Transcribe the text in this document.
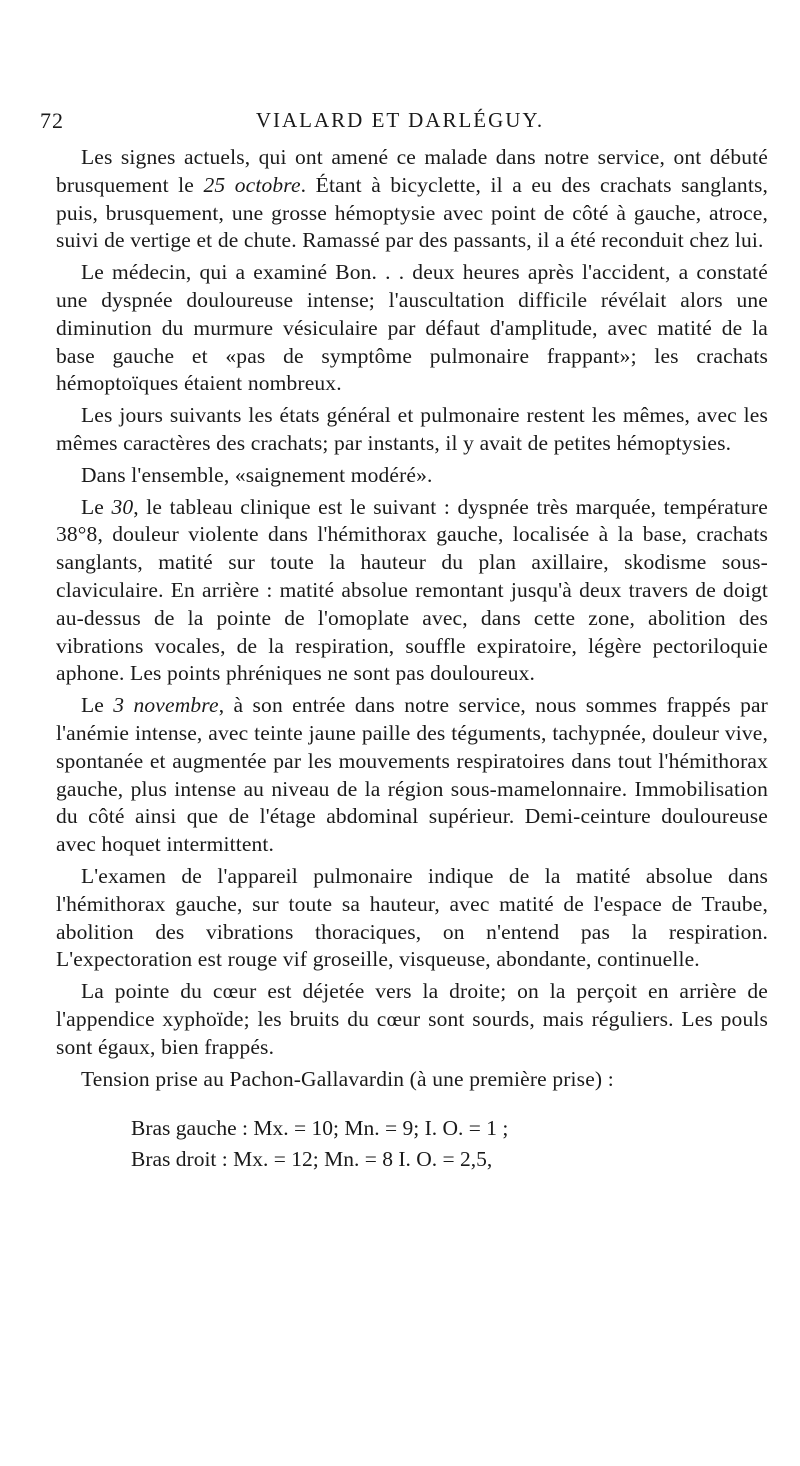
72	VIALARD ET DARLÉGUY.

Les signes actuels, qui ont amené ce malade dans notre service, ont débuté brusquement le 25 octobre. Étant à bicyclette, il a eu des crachats sanglants, puis, brusquement, une grosse hémoptysie avec point de côté à gauche, atroce, suivi de vertige et de chute. Ramassé par des passants, il a été reconduit chez lui.

Le médecin, qui a examiné Bon. . . deux heures après l'accident, a constaté une dyspnée douloureuse intense; l'auscultation difficile révélait alors une diminution du murmure vésiculaire par défaut d'amplitude, avec matité de la base gauche et «pas de symptôme pulmonaire frappant»; les crachats hémoptoïques étaient nombreux.

Les jours suivants les états général et pulmonaire restent les mêmes, avec les mêmes caractères des crachats; par instants, il y avait de petites hémoptysies.

Dans l'ensemble, «saignement modéré».

Le 30, le tableau clinique est le suivant : dyspnée très marquée, température 38°8, douleur violente dans l'hémithorax gauche, localisée à la base, crachats sanglants, matité sur toute la hauteur du plan axillaire, skodisme sous-claviculaire. En arrière : matité absolue remontant jusqu'à deux travers de doigt au-dessus de la pointe de l'omoplate avec, dans cette zone, abolition des vibrations vocales, de la respiration, souffle expiratoire, légère pectoriloquie aphone. Les points phréniques ne sont pas douloureux.

Le 3 novembre, à son entrée dans notre service, nous sommes frappés par l'anémie intense, avec teinte jaune paille des téguments, tachypnée, douleur vive, spontanée et augmentée par les mouvements respiratoires dans tout l'hémithorax gauche, plus intense au niveau de la région sous-mamelonnaire. Immobilisation du côté ainsi que de l'étage abdominal supérieur. Demi-ceinture douloureuse avec hoquet intermittent.

L'examen de l'appareil pulmonaire indique de la matité absolue dans l'hémithorax gauche, sur toute sa hauteur, avec matité de l'espace de Traube, abolition des vibrations thoraciques, on n'entend pas la respiration. L'expectoration est rouge vif groseille, visqueuse, abondante, continuelle.

La pointe du cœur est déjetée vers la droite; on la perçoit en arrière de l'appendice xyphoïde; les bruits du cœur sont sourds, mais réguliers. Les pouls sont égaux, bien frappés.

Tension prise au Pachon-Gallavardin (à une première prise) :

Bras gauche : Mx. = 10; Mn. = 9; I. O. = 1 ;
Bras droit : Mx. = 12; Mn. = 8 I. O. = 2,5,
